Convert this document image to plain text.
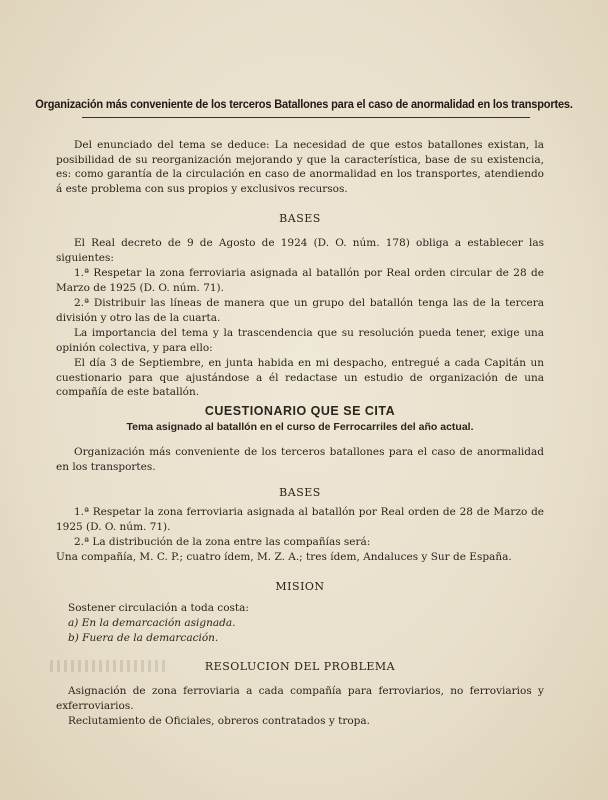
Organización más conveniente de los terceros Batallones para el caso de anormalidad en los transportes.

Del enunciado del tema se deduce: La necesidad de que estos batallones existan, la posibilidad de su reorganización mejorando y que la característica, base de su existencia, es: como garantía de la circulación en caso de anormalidad en los transportes, atendiendo á este problema con sus propios y exclusivos recursos.

BASES

El Real decreto de 9 de Agosto de 1924 (D. O. núm. 178) obliga a establecer las siguientes:

1.ª Respetar la zona ferroviaria asignada al batallón por Real orden circular de 28 de Marzo de 1925 (D. O. núm. 71).

2.ª Distribuir las líneas de manera que un grupo del batallón tenga las de la tercera división y otro las de la cuarta.

La importancia del tema y la trascendencia que su resolución pueda tener, exige una opinión colectiva, y para ello:

El día 3 de Septiembre, en junta habida en mi despacho, entregué a cada Capitán un cuestionario para que ajustándose a él redactase un estudio de organización de una compañía de este batallón.

CUESTIONARIO QUE SE CITA

Tema asignado al batallón en el curso de Ferrocarriles del año actual.

Organización más conveniente de los terceros batallones para el caso de anormalidad en los transportes.

BASES

1.ª Respetar la zona ferroviaria asignada al batallón por Real orden de 28 de Marzo de 1925 (D. O. núm. 71).

2.ª La distribución de la zona entre las compañías será:

Una compañía, M. C. P.; cuatro ídem, M. Z. A.; tres ídem, Andaluces y Sur de España.

MISION

Sostener circulación a toda costa:

a) En la demarcación asignada.

b) Fuera de la demarcación.

RESOLUCION DEL PROBLEMA

Asignación de zona ferroviaria a cada compañía para ferroviarios, no ferroviarios y exferroviarios.

Reclutamiento de Oficiales, obreros contratados y tropa.
